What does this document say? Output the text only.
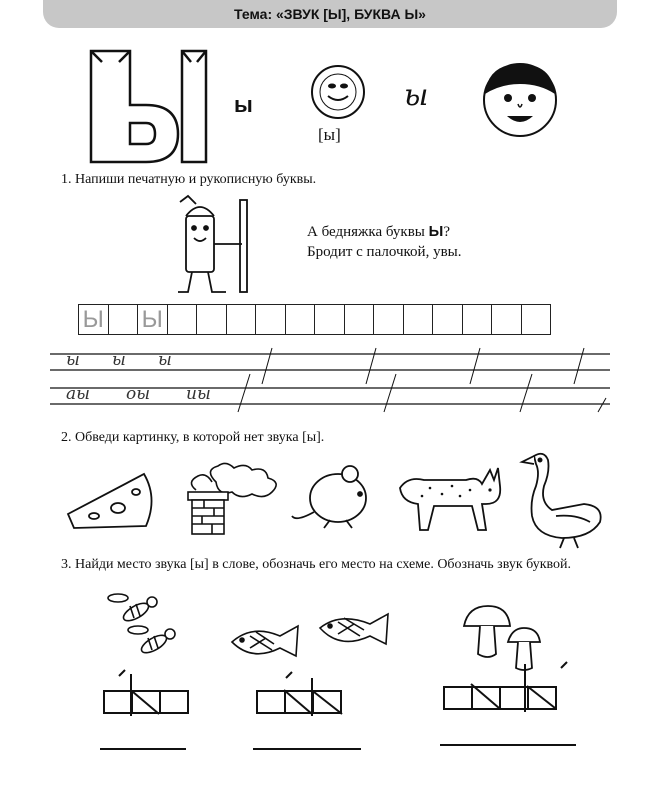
Тема: «ЗВУК [Ы], БУКВА Ы»
ы
[ы]
ы
1. Напиши печатную и рукописную буквы.
А бедняжка буквы Ы?
Бродит с палочкой, увы.
Ы Ы
ы ы ы
аы оы иы
2. Обведи картинку, в которой нет звука [ы].
3. Найди место звука [ы] в слове, обозначь его место на схеме. Обозначь звук буквой.
